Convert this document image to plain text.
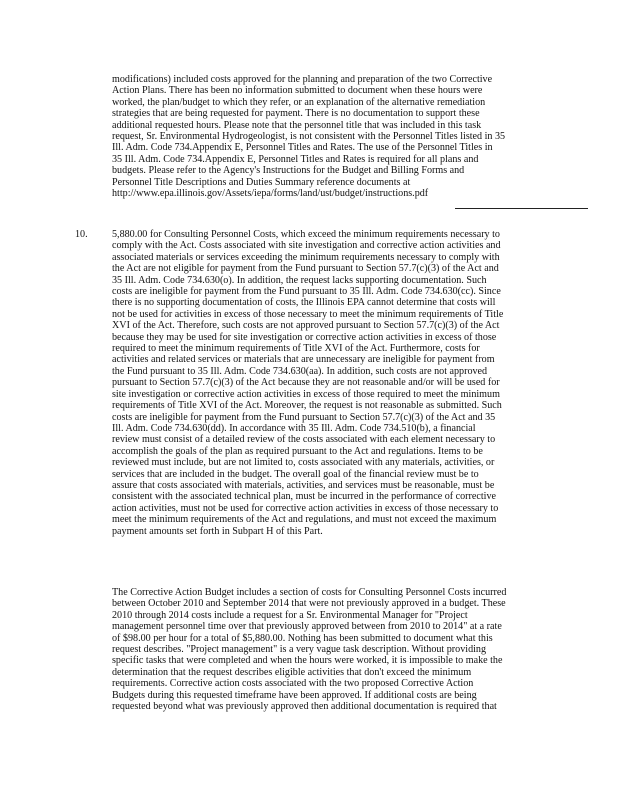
modifications) included costs approved for the planning and preparation of the two Corrective
Action Plans. There has been no information submitted to document when these hours were
worked, the plan/budget to which they refer, or an explanation of the alternative remediation
strategies that are being requested for payment. There is no documentation to support these
additional requested hours. Please note that the personnel title that was included in this task
request, Sr. Environmental Hydrogeologist, is not consistent with the Personnel Titles listed in 35
Ill. Adm. Code 734.Appendix E, Personnel Titles and Rates. The use of the Personnel Titles in
35 Ill. Adm. Code 734.Appendix E, Personnel Titles and Rates is required for all plans and
budgets. Please refer to the Agency's Instructions for the Budget and Billing Forms and
Personnel Title Descriptions and Duties Summary reference documents at
http://www.epa.illinois.gov/Assets/iepa/forms/land/ust/budget/instructions.pdf
10. 5,880.00 for Consulting Personnel Costs, which exceed the minimum requirements necessary to
comply with the Act. Costs associated with site investigation and corrective action activities and
associated materials or services exceeding the minimum requirements necessary to comply with
the Act are not eligible for payment from the Fund pursuant to Section 57.7(c)(3) of the Act and
35 Ill. Adm. Code 734.630(o). In addition, the request lacks supporting documentation. Such
costs are ineligible for payment from the Fund pursuant to 35 Ill. Adm. Code 734.630(cc). Since
there is no supporting documentation of costs, the Illinois EPA cannot determine that costs will
not be used for activities in excess of those necessary to meet the minimum requirements of Title
XVI of the Act. Therefore, such costs are not approved pursuant to Section 57.7(c)(3) of the Act
because they may be used for site investigation or corrective action activities in excess of those
required to meet the minimum requirements of Title XVI of the Act. Furthermore, costs for
activities and related services or materials that are unnecessary are ineligible for payment from
the Fund pursuant to 35 Ill. Adm. Code 734.630(aa). In addition, such costs are not approved
pursuant to Section 57.7(c)(3) of the Act because they are not reasonable and/or will be used for
site investigation or corrective action activities in excess of those required to meet the minimum
requirements of Title XVI of the Act. Moreover, the request is not reasonable as submitted. Such
costs are ineligible for payment from the Fund pursuant to Section 57.7(c)(3) of the Act and 35
Ill. Adm. Code 734.630(dd). In accordance with 35 Ill. Adm. Code 734.510(b), a financial
review must consist of a detailed review of the costs associated with each element necessary to
accomplish the goals of the plan as required pursuant to the Act and regulations. Items to be
reviewed must include, but are not limited to, costs associated with any materials, activities, or
services that are included in the budget. The overall goal of the financial review must be to
assure that costs associated with materials, activities, and services must be reasonable, must be
consistent with the associated technical plan, must be incurred in the performance of corrective
action activities, must not be used for corrective action activities in excess of those necessary to
meet the minimum requirements of the Act and regulations, and must not exceed the maximum
payment amounts set forth in Subpart H of this Part.
The Corrective Action Budget includes a section of costs for Consulting Personnel Costs incurred
between October 2010 and September 2014 that were not previously approved in a budget. These
2010 through 2014 costs include a request for a Sr. Environmental Manager for "Project
management personnel time over that previously approved between from 2010 to 2014" at a rate
of $98.00 per hour for a total of $5,880.00. Nothing has been submitted to document what this
request describes. "Project management" is a very vague task description. Without providing
specific tasks that were completed and when the hours were worked, it is impossible to make the
determination that the request describes eligible activities that don't exceed the minimum
requirements. Corrective action costs associated with the two proposed Corrective Action
Budgets during this requested timeframe have been approved. If additional costs are being
requested beyond what was previously approved then additional documentation is required that
